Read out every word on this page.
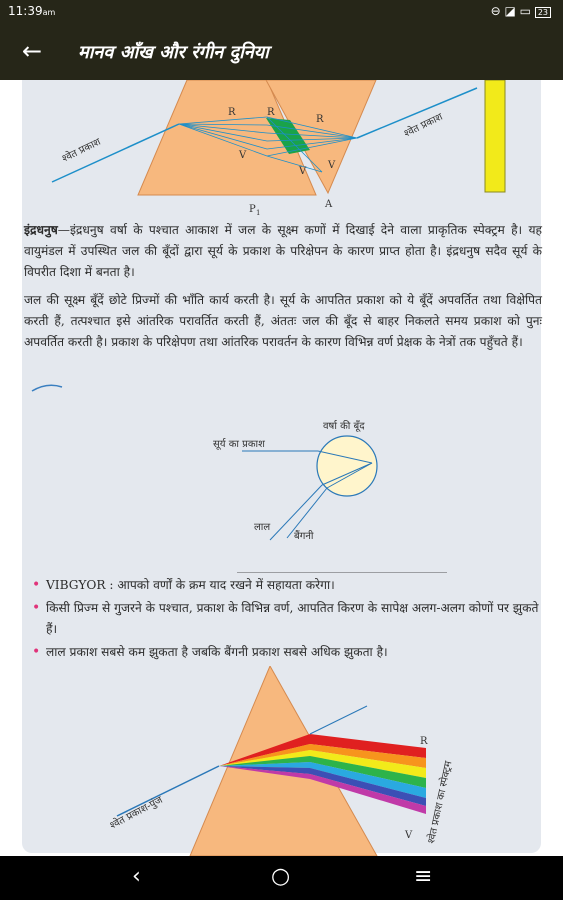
11:39am	⊖ ◪ ▭ 23
← मानव आँख और रंगीन दुनिया
श्वेत प्रकाश
श्वेत प्रकाश
R	R
R
V
V
V
P 1
A
इंद्रधनुष—इंद्रधनुष वर्षा के पश्चात आकाश में जल के सूक्ष्म कणों में दिखाई देने वाला प्राकृतिक स्पेक्ट्रम है। यह वायुमंडल में उपस्थित जल की बूँदों द्वारा सूर्य के प्रकाश के परिक्षेपन के कारण प्राप्त होता है। इंद्रधनुष सदैव सूर्य के विपरीत दिशा में बनता है।
जल की सूक्ष्म बूँदें छोटे प्रिज्मों की भाँति कार्य करती है। सूर्य के आपतित प्रकाश को ये बूँदें अपवर्तित तथा विक्षेपित करती हैं, तत्पश्चात इसे आंतरिक परावर्तित करती हैं, अंततः जल की बूँद से बाहर निकलते समय प्रकाश को पुनः अपवर्तित करती है। प्रकाश के परिक्षेपण तथा आंतरिक परावर्तन के कारण विभिन्न वर्ण प्रेक्षक के नेत्रों तक पहुँचते हैं।
वर्षा की बूँद
सूर्य का प्रकाश
लाल
बैंगनी
• VIBGYOR : आपको वर्णों के क्रम याद रखने में सहायता करेगा।
• किसी प्रिज्म से गुजरने के पश्चात, प्रकाश के विभिन्न वर्ण, आपतित किरण के सापेक्ष अलग-अलग कोणों पर झुकते हैं।
• लाल प्रकाश सबसे कम झुकता है जबकि बैंगनी प्रकाश सबसे अधिक झुकता है।
श्वेत प्रकाश-पुंज
R
V श्वेत प्रकाश का स्पेक्ट्रम
‹	○	≡
